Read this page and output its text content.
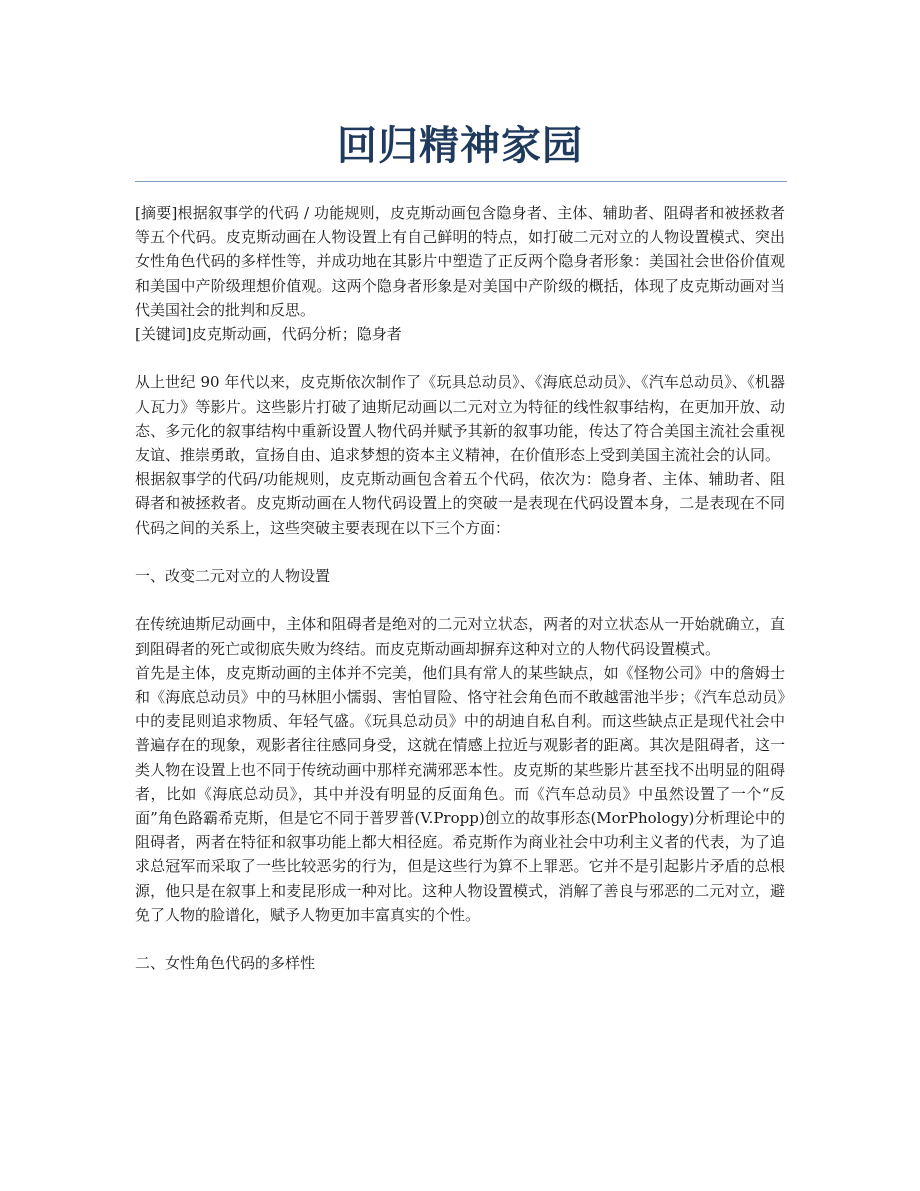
回归精神家园

[摘要]根据叙事学的代码 / 功能规则，皮克斯动画包含隐身者、主体、辅助者、阻碍者和被拯救者等五个代码。皮克斯动画在人物设置上有自己鲜明的特点，如打破二元对立的人物设置模式、突出女性角色代码的多样性等，并成功地在其影片中塑造了正反两个隐身者形象：美国社会世俗价值观和美国中产阶级理想价值观。这两个隐身者形象是对美国中产阶级的概括，体现了皮克斯动画对当代美国社会的批判和反思。

[关键词]皮克斯动画，代码分析；隐身者

从上世纪 90 年代以来，皮克斯依次制作了《玩具总动员》、《海底总动员》、《汽车总动员》、《机器人瓦力》等影片。这些影片打破了迪斯尼动画以二元对立为特征的线性叙事结构，在更加开放、动态、多元化的叙事结构中重新设置人物代码并赋予其新的叙事功能，传达了符合美国主流社会重视友谊、推崇勇敢，宣扬自由、追求梦想的资本主义精神，在价值形态上受到美国主流社会的认同。

根据叙事学的代码/功能规则，皮克斯动画包含着五个代码，依次为：隐身者、主体、辅助者、阻碍者和被拯救者。皮克斯动画在人物代码设置上的突破一是表现在代码设置本身，二是表现在不同代码之间的关系上，这些突破主要表现在以下三个方面：

一、改变二元对立的人物设置

在传统迪斯尼动画中，主体和阻碍者是绝对的二元对立状态，两者的对立状态从一开始就确立，直到阻碍者的死亡或彻底失败为终结。而皮克斯动画却摒弃这种对立的人物代码设置模式。

首先是主体，皮克斯动画的主体并不完美，他们具有常人的某些缺点，如《怪物公司》中的詹姆士和《海底总动员》中的马林胆小懦弱、害怕冒险、恪守社会角色而不敢越雷池半步；《汽车总动员》中的麦昆则追求物质、年轻气盛。《玩具总动员》中的胡迪自私自利。而这些缺点正是现代社会中普遍存在的现象，观影者往往感同身受，这就在情感上拉近与观影者的距离。其次是阻碍者，这一类人物在设置上也不同于传统动画中那样充满邪恶本性。皮克斯的某些影片甚至找不出明显的阻碍者，比如《海底总动员》，其中并没有明显的反面角色。而《汽车总动员》中虽然设置了一个“反面”角色路霸希克斯，但是它不同于普罗普(V.Propp)创立的故事形态(MorPhology)分析理论中的阻碍者，两者在特征和叙事功能上都大相径庭。希克斯作为商业社会中功利主义者的代表，为了追求总冠军而采取了一些比较恶劣的行为，但是这些行为算不上罪恶。它并不是引起影片矛盾的总根源，他只是在叙事上和麦昆形成一种对比。这种人物设置模式，消解了善良与邪恶的二元对立，避免了人物的脸谱化，赋予人物更加丰富真实的个性。

二、女性角色代码的多样性
